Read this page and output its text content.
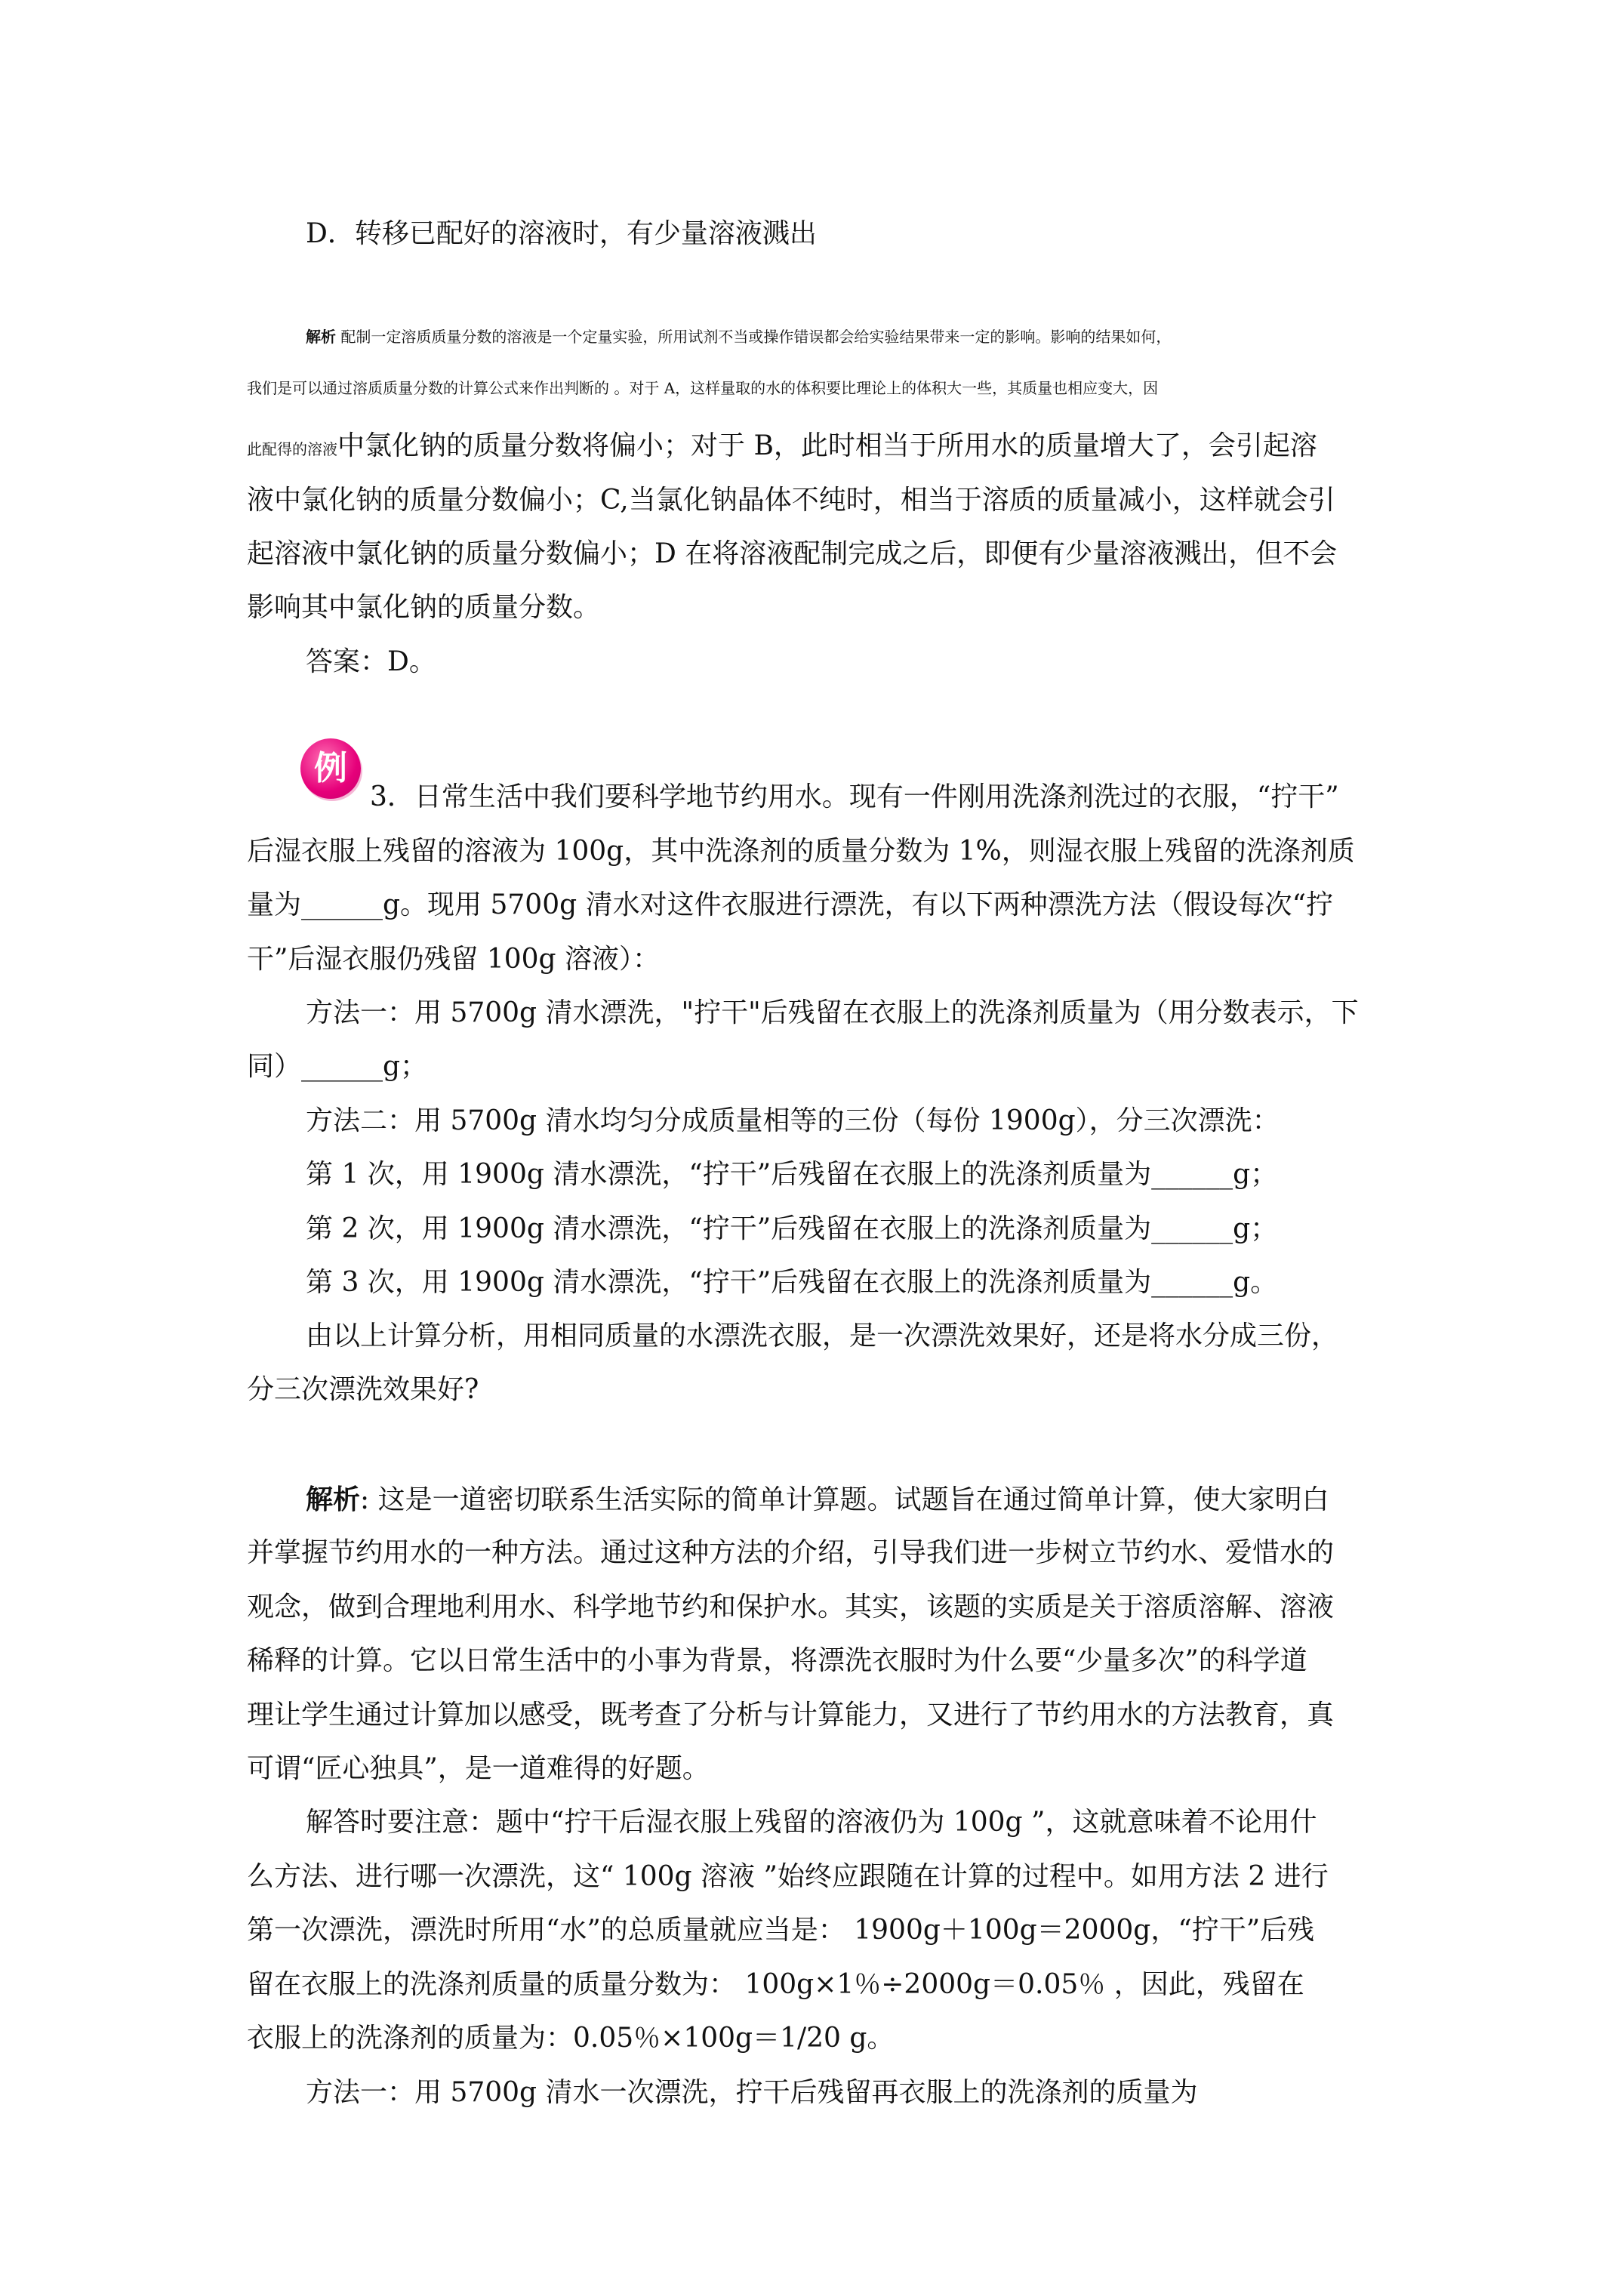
D．转移已配好的溶液时，有少量溶液溅出
解析 配制一定溶质质量分数的溶液是一个定量实验，所用试剂不当或操作错误都会给实验结果带来一定的影响。影响的结果如何，
我们是可以通过溶质质量分数的计算公式来作出判断的 。对于 A，这样量取的水的体积要比理论上的体积大一些，其质量也相应变大，因
此配得的溶液中氯化钠的质量分数将偏小；对于 B，此时相当于所用水的质量增大了，会引起溶
液中氯化钠的质量分数偏小；C,当氯化钠晶体不纯时，相当于溶质的质量减小，这样就会引
起溶液中氯化钠的质量分数偏小；D 在将溶液配制完成之后，即便有少量溶液溅出，但不会
影响其中氯化钠的质量分数。
答案：D。
例
3．日常生活中我们要科学地节约用水。现有一件刚用洗涤剂洗过的衣服，“拧干”
后湿衣服上残留的溶液为 100g，其中洗涤剂的质量分数为 1%，则湿衣服上残留的洗涤剂质
量为______g。现用 5700g 清水对这件衣服进行漂洗，有以下两种漂洗方法（假设每次“拧
干”后湿衣服仍残留 100g 溶液）：
方法一：用 5700g 清水漂洗，"拧干"后残留在衣服上的洗涤剂质量为（用分数表示，下
同）______g；
方法二：用 5700g 清水均匀分成质量相等的三份（每份 1900g），分三次漂洗：
第 1 次，用 1900g 清水漂洗，“拧干”后残留在衣服上的洗涤剂质量为______g；
第 2 次，用 1900g 清水漂洗，“拧干”后残留在衣服上的洗涤剂质量为______g；
第 3 次，用 1900g 清水漂洗，“拧干”后残留在衣服上的洗涤剂质量为______g。
由以上计算分析，用相同质量的水漂洗衣服，是一次漂洗效果好，还是将水分成三份，
分三次漂洗效果好?
解析: 这是一道密切联系生活实际的简单计算题。试题旨在通过简单计算，使大家明白
并掌握节约用水的一种方法。通过这种方法的介绍，引导我们进一步树立节约水、爱惜水的
观念，做到合理地利用水、科学地节约和保护水。其实，该题的实质是关于溶质溶解、溶液
稀释的计算。它以日常生活中的小事为背景，将漂洗衣服时为什么要“少量多次”的科学道
理让学生通过计算加以感受，既考查了分析与计算能力，又进行了节约用水的方法教育，真
可谓“匠心独具”，是一道难得的好题。
解答时要注意：题中“拧干后湿衣服上残留的溶液仍为 100g ”，这就意味着不论用什
么方法、进行哪一次漂洗，这“ 100g 溶液 ”始终应跟随在计算的过程中。如用方法 2 进行
第一次漂洗，漂洗时所用“水”的总质量就应当是： 1900g＋100g＝2000g，“拧干”后残
留在衣服上的洗涤剂质量的质量分数为： 100g×1％÷2000g＝0.05％ ，因此，残留在
衣服上的洗涤剂的质量为：0.05％×100g＝1/20 g。
方法一：用 5700g 清水一次漂洗，拧干后残留再衣服上的洗涤剂的质量为
